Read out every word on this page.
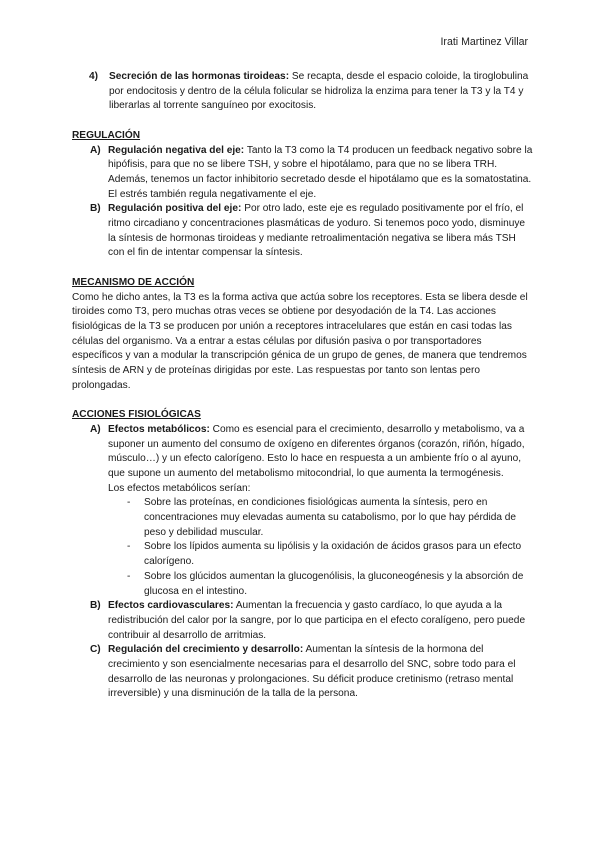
Irati Martinez Villar
4) Secreción de las hormonas tiroideas: Se recapta, desde el espacio coloide, la tiroglobulina por endocitosis y dentro de la célula folicular se hidroliza la enzima para tener la T3 y la T4 y liberarlas al torrente sanguíneo por exocitosis.

REGULACIÓN

A) Regulación negativa del eje: Tanto la T3 como la T4 producen un feedback negativo sobre la hipófisis, para que no se libere TSH, y sobre el hipotálamo, para que no se libera TRH. Además, tenemos un factor inhibitorio secretado desde el hipotálamo que es la somatostatina. El estrés también regula negativamente el eje.

B) Regulación positiva del eje: Por otro lado, este eje es regulado positivamente por el frío, el ritmo circadiano y concentraciones plasmáticas de yoduro. Si tenemos poco yodo, disminuye la síntesis de hormonas tiroideas y mediante retroalimentación negativa se libera más TSH con el fin de intentar compensar la síntesis.

MECANISMO DE ACCIÓN

Como he dicho antes, la T3 es la forma activa que actúa sobre los receptores. Esta se libera desde el tiroides como T3, pero muchas otras veces se obtiene por desyodación de la T4. Las acciones fisiológicas de la T3 se producen por unión a receptores intracelulares que están en casi todas las células del organismo. Va a entrar a estas células por difusión pasiva o por transportadores específicos y van a modular la transcripción génica de un grupo de genes, de manera que tendremos síntesis de ARN y de proteínas dirigidas por este. Las respuestas por tanto son lentas pero prolongadas.

ACCIONES FISIOLÓGICAS

A) Efectos metabólicos: Como es esencial para el crecimiento, desarrollo y metabolismo, va a suponer un aumento del consumo de oxígeno en diferentes órganos (corazón, riñón, hígado, músculo…) y un efecto calorígeno. Esto lo hace en respuesta a un ambiente frío o al ayuno, que supone un aumento del metabolismo mitocondrial, lo que aumenta la termogénesis.

Los efectos metabólicos serían:

- Sobre las proteínas, en condiciones fisiológicas aumenta la síntesis, pero en concentraciones muy elevadas aumenta su catabolismo, por lo que hay pérdida de peso y debilidad muscular.

- Sobre los lípidos aumenta su lipólisis y la oxidación de ácidos grasos para un efecto calorígeno.

- Sobre los glúcidos aumentan la glucogenólisis, la gluconeogénesis y la absorción de glucosa en el intestino.

B) Efectos cardiovasculares: Aumentan la frecuencia y gasto cardíaco, lo que ayuda a la redistribución del calor por la sangre, por lo que participa en el efecto coralígeno, pero puede contribuir al desarrollo de arritmias.

C) Regulación del crecimiento y desarrollo: Aumentan la síntesis de la hormona del crecimiento y son esencialmente necesarias para el desarrollo del SNC, sobre todo para el desarrollo de las neuronas y prolongaciones. Su déficit produce cretinismo (retraso mental irreversible) y una disminución de la talla de la persona.
